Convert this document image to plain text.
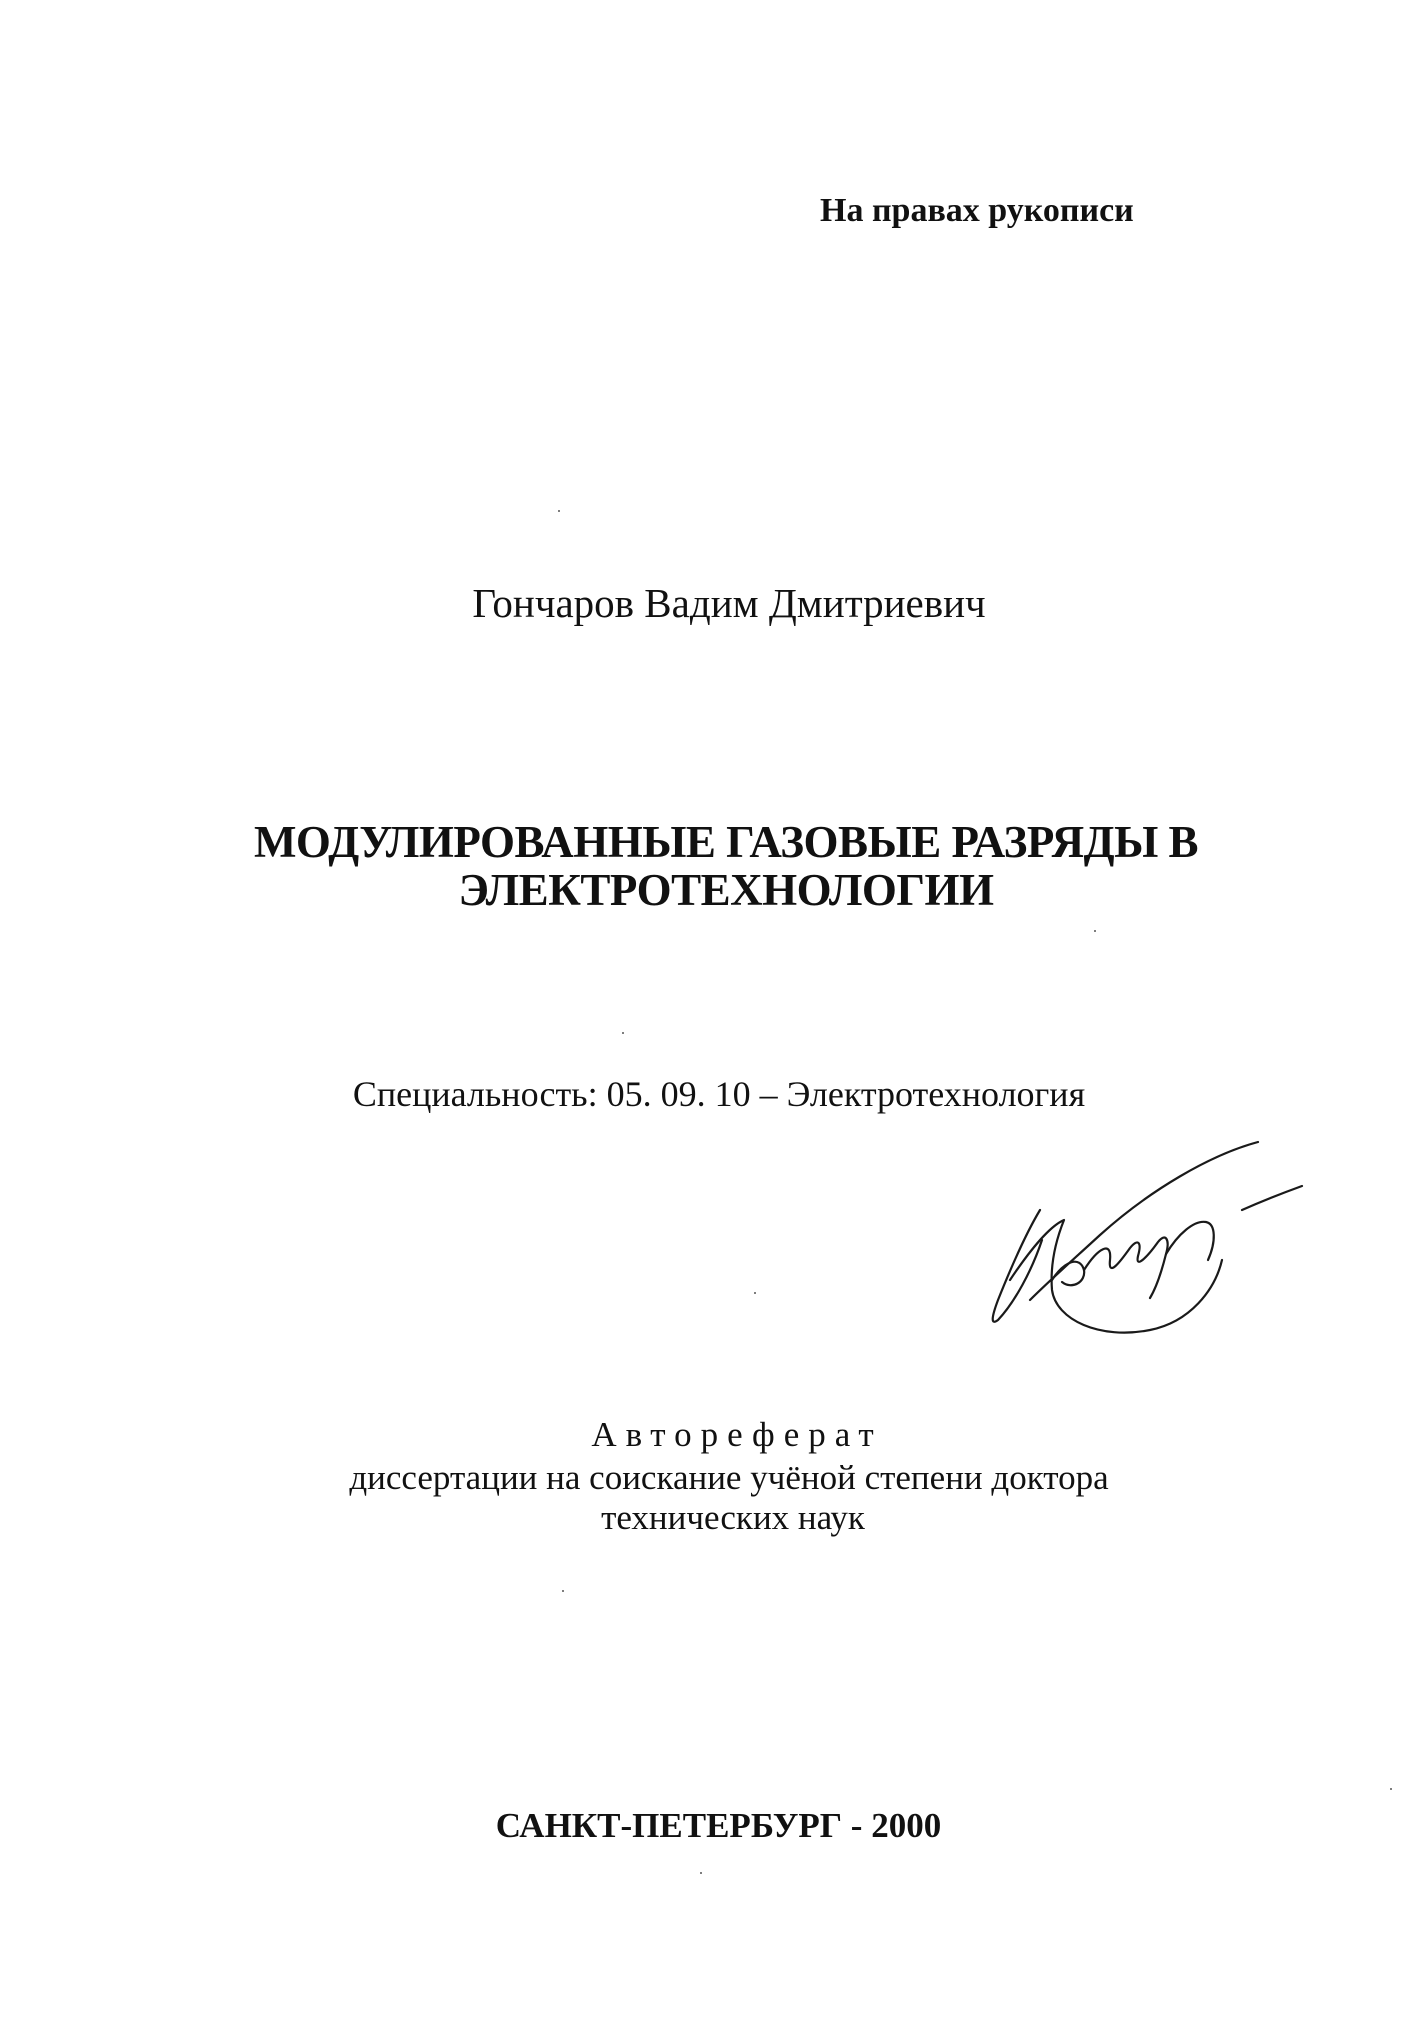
На правах рукописи
Гончаров Вадим Дмитриевич
МОДУЛИРОВАННЫЕ ГАЗОВЫЕ РАЗРЯДЫ В
ЭЛЕКТРОТЕХНОЛОГИИ
Специальность: 05. 09. 10 – Электротехнология
Автореферат
диссертации на соискание учёной степени доктора
технических наук
САНКТ-ПЕТЕРБУРГ - 2000
